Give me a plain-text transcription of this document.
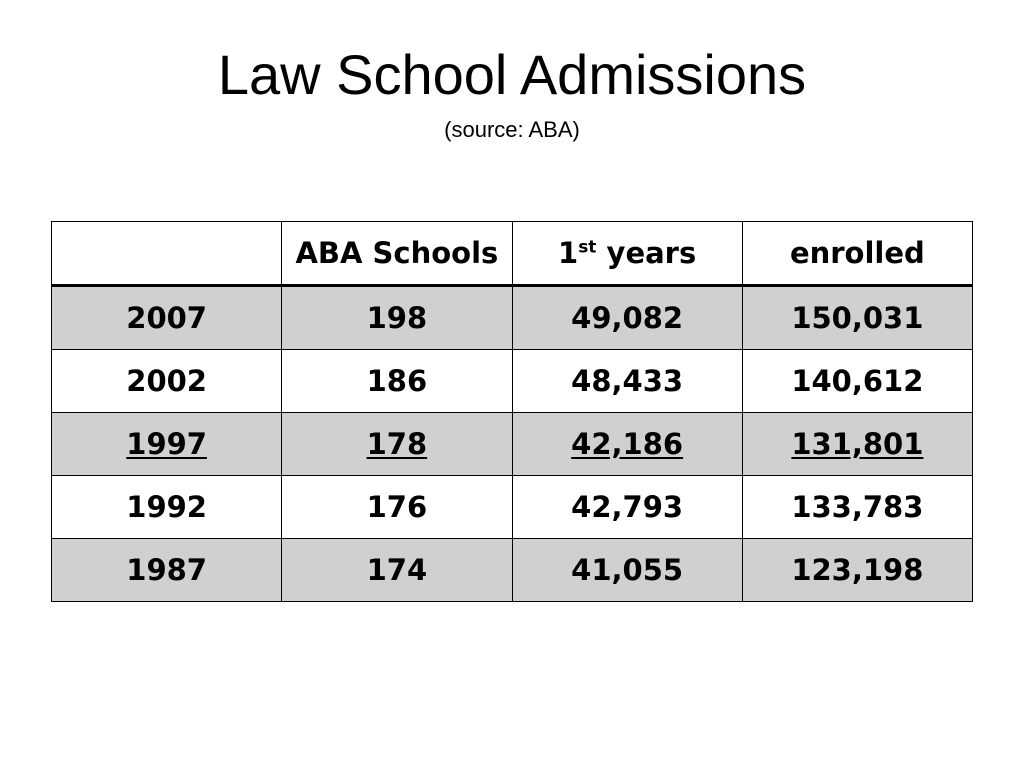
Law School Admissions
(source: ABA)
	ABA Schools	1st years	enrolled
2007	198	49,082	150,031
2002	186	48,433	140,612
1997	178	42,186	131,801
1992	176	42,793	133,783
1987	174	41,055	123,198
